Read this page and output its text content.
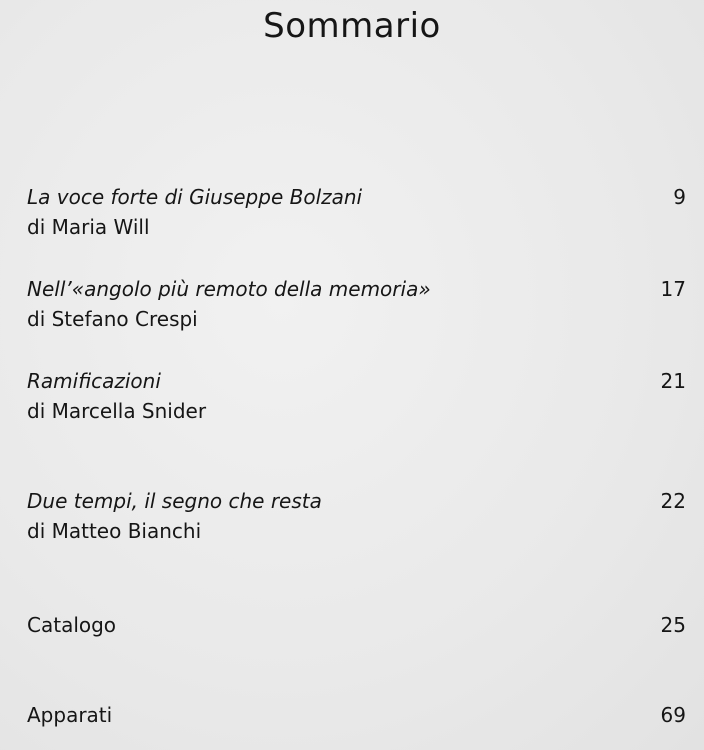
Sommario
La voce forte di Giuseppe Bolzani	9
di Maria Will
Nell’«angolo più remoto della memoria»	17
di Stefano Crespi
Ramificazioni	21
di Marcella Snider
Due tempi, il segno che resta	22
di Matteo Bianchi
Catalogo	25
Apparati	69
